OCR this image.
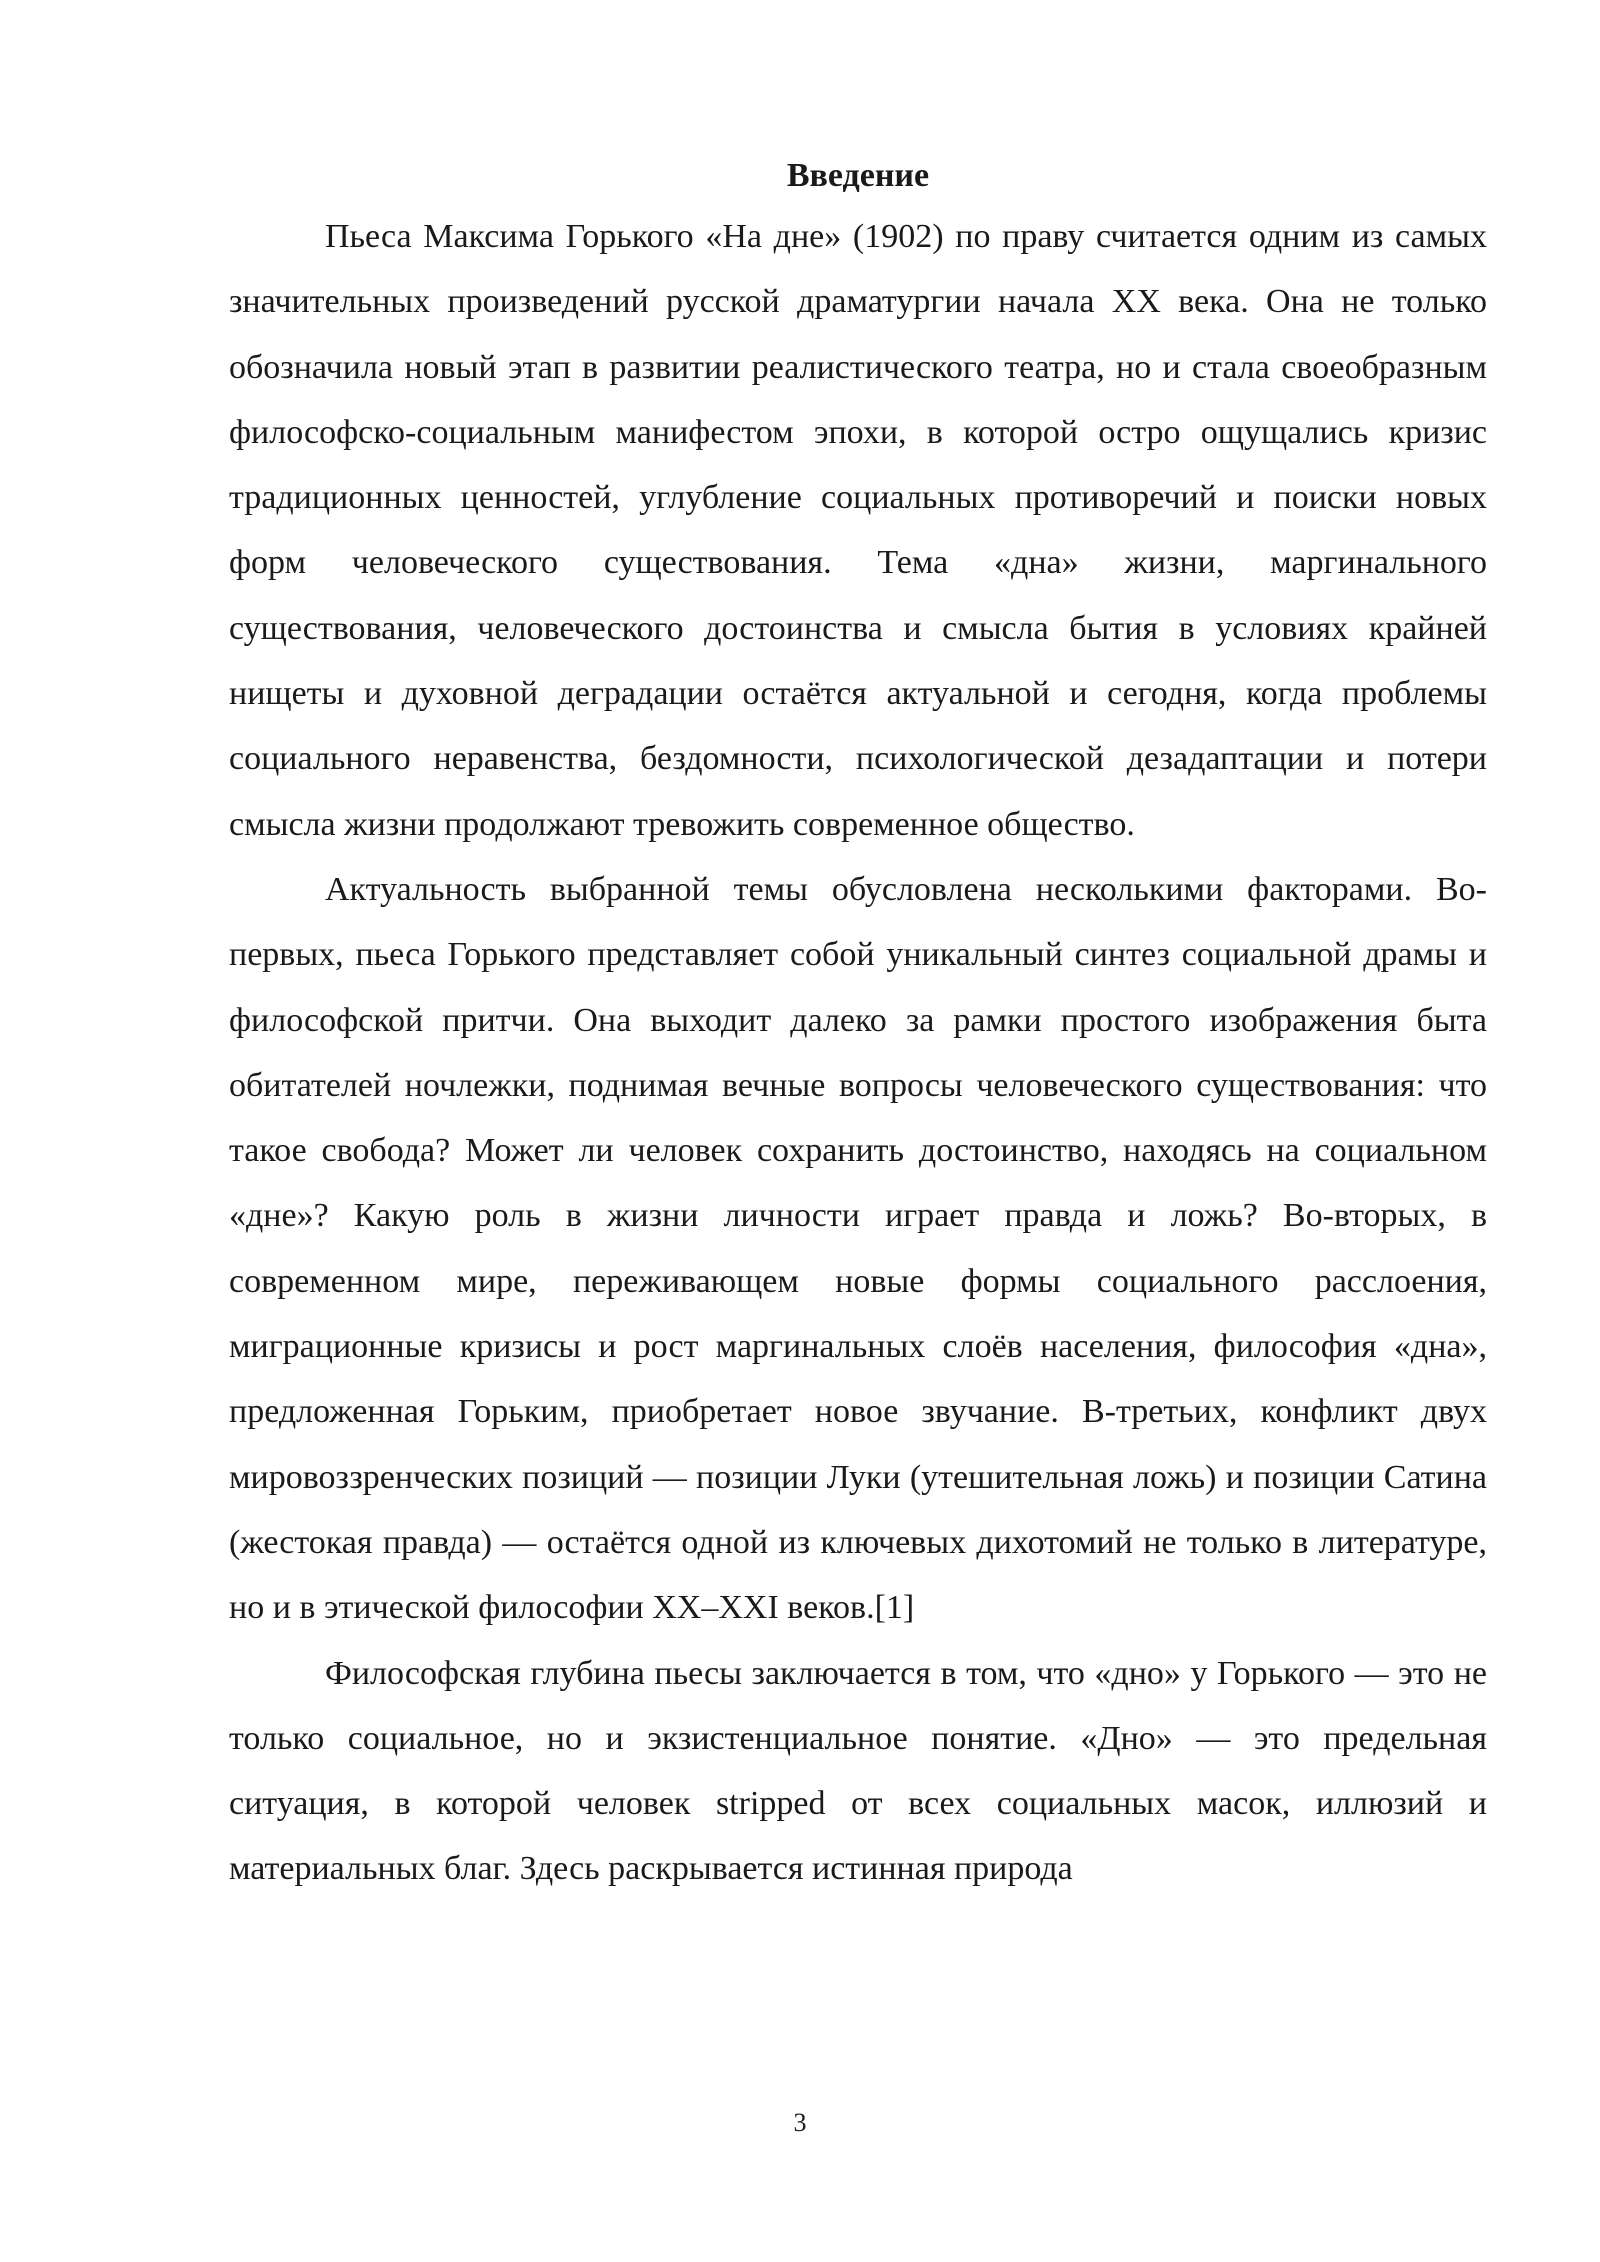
Введение

Пьеса Максима Горького «На дне» (1902) по праву считается одним из самых значительных произведений русской драматургии начала XX века. Она не только обозначила новый этап в развитии реалистического театра, но и стала своеобразным философско-социальным манифестом эпохи, в которой остро ощущались кризис традиционных ценностей, углубление социальных противоречий и поиски новых форм человеческого существования. Тема «дна» жизни, маргинального существования, человеческого достоинства и смысла бытия в условиях крайней нищеты и духовной деградации остаётся актуальной и сегодня, когда проблемы социального неравенства, бездомности, психологической дезадаптации и потери смысла жизни продолжают тревожить современное общество.

Актуальность выбранной темы обусловлена несколькими факторами. Во-первых, пьеса Горького представляет собой уникальный синтез социальной драмы и философской притчи. Она выходит далеко за рамки простого изображения быта обитателей ночлежки, поднимая вечные вопросы человеческого существования: что такое свобода? Может ли человек сохранить достоинство, находясь на социальном «дне»? Какую роль в жизни личности играет правда и ложь? Во-вторых, в современном мире, переживающем новые формы социального расслоения, миграционные кризисы и рост маргинальных слоёв населения, философия «дна», предложенная Горьким, приобретает новое звучание. В-третьих, конфликт двух мировоззренческих позиций — позиции Луки (утешительная ложь) и позиции Сатина (жестокая правда) — остаётся одной из ключевых дихотомий не только в литературе, но и в этической философии XX–XXI веков.[1]

Философская глубина пьесы заключается в том, что «дно» у Горького — это не только социальное, но и экзистенциальное понятие. «Дно» — это предельная ситуация, в которой человек stripped от всех социальных масок, иллюзий и материальных благ. Здесь раскрывается истинная природа

3
